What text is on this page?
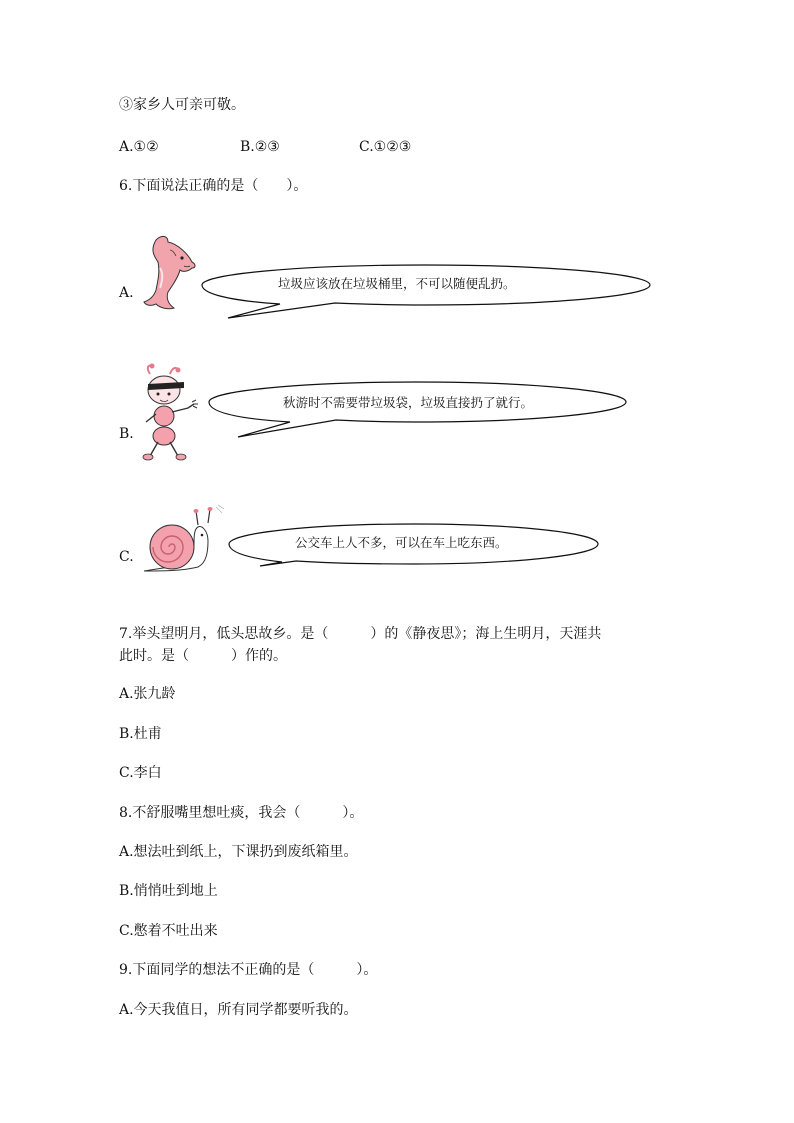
③家乡人可亲可敬。
A.①②	B.②③	C.①②③
6.下面说法正确的是（　　）。
A.
垃圾应该放在垃圾桶里，不可以随便乱扔。
B.
秋游时不需要带垃圾袋，垃圾直接扔了就行。
C.
公交车上人不多，可以在车上吃东西。
7.举头望明月，低头思故乡。是（　　　）的《静夜思》；海上生明月，天涯共
此时。是（　　　）作的。
A.张九龄
B.杜甫
C.李白
8.不舒服嘴里想吐痰，我会（　　　）。
A.想法吐到纸上，下课扔到废纸箱里。
B.悄悄吐到地上
C.憋着不吐出来
9.下面同学的想法不正确的是（　　　）。
A.今天我值日，所有同学都要听我的。
